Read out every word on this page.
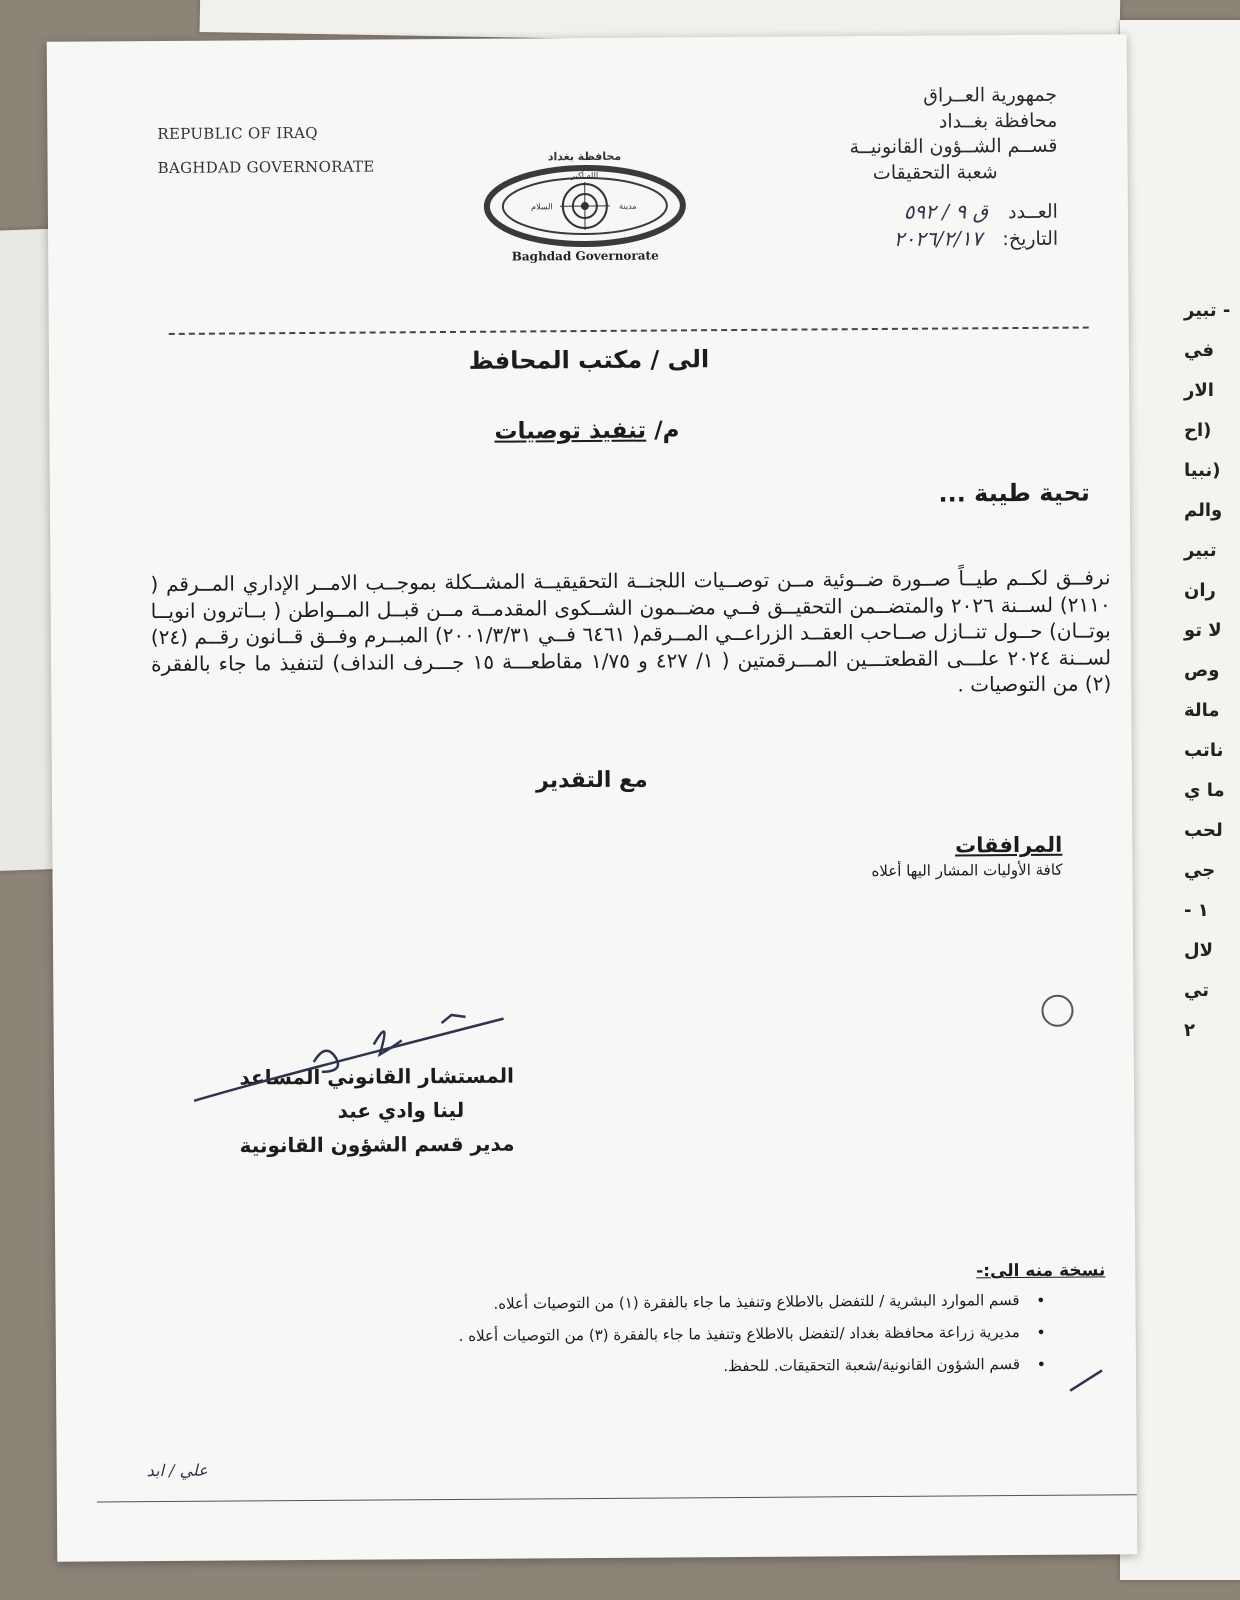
- تبير
في
الار
(اح
(نبيا
والم
تبير
ران
لا تو
وص
مالة
ناتب
ما ي
لحب
جي
١ -
لال
تي
٢
جمهورية العــراق
محافظة بغــداد
قســم الشــؤون القانونيــة
شعبة التحقيقات
العــدد ق ٩ / ٥٩٢
التاريخ: ٢٠٢٦/٢/١٧
REPUBLIC OF IRAQ
BAGHDAD GOVERNORATE
محافظة بغداد
الله أكبر
السلام	مدينة
Baghdad Governorate
الى / مكتب المحافظ
م/ تنفيذ توصيات
تحية طيبة ...

نرفــق لكــم طيــاً صــورة ضــوئية مــن توصــيات اللجنــة التحقيقيــة المشــكلة بموجــب الامــر الإداري المــرقم ( ٢١١٠) لســنة ٢٠٢٦ والمتضــمن التحقيــق فــي مضــمون الشــكوى المقدمــة مــن قبــل المــواطن ( بــاترون انويــا بوتــان) حــول تنــازل صــاحب العقــد الزراعــي المــرقم( ٦٤٦١ فــي ٢٠٠١/٣/٣١) المبــرم وفــق قــانون رقــم (٢٤) لســنة ٢٠٢٤ علـــى القطعتـــين المـــرقمتين ( ١/ ٤٢٧ و ١/٧٥ مقاطعـــة ١٥ جـــرف النداف) لتنفيذ ما جاء بالفقرة (٢) من التوصيات .

مع التقدير
المرافقات
كافة الأوليات المشار اليها أعلاه
المستشار القانوني المساعد
لينا وادي عبد
مدير قسم الشؤون القانونية
نسخة منه الى:-
• قسم الموارد البشرية / للتفضل بالاطلاع وتنفيذ ما جاء بالفقرة (١) من التوصيات أعلاه.
• مديرية زراعة محافظة بغداد /لتفضل بالاطلاع وتنفيذ ما جاء بالفقرة (٣) من التوصيات أعلاه .
• قسم الشؤون القانونية/شعبة التحقيقات. للحفظ.
علي / ابد
